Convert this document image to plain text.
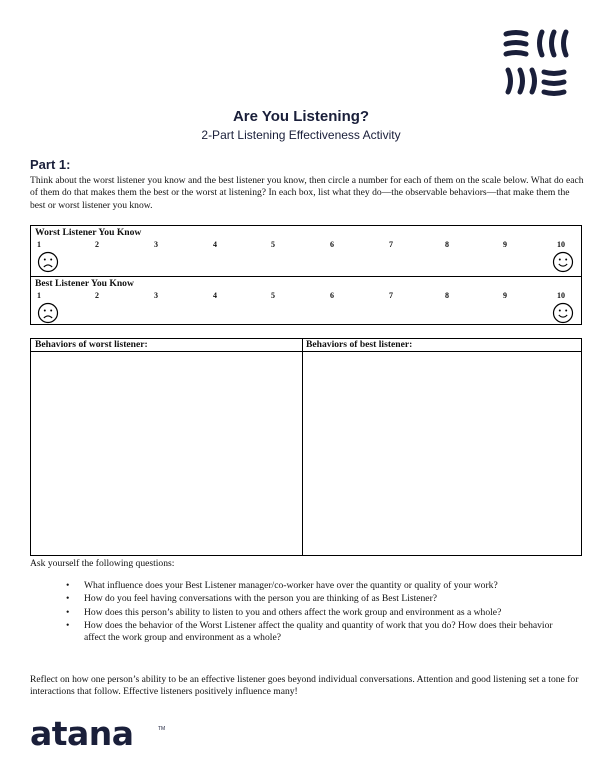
Are You Listening?
2-Part Listening Effectiveness Activity
Part 1:
Think about the worst listener you know and the best listener you know, then circle a number for each of them on the scale below. What do each of them do that makes them the best or the worst at listening? In each box, list what they do—the observable behaviors—that make them the best or worst listener you know.
Worst Listener You Know
1	2	3	4	5	6	7	8	9	10
Best Listener You Know
1	2	3	4	5	6	7	8	9	10
Behaviors of worst listener:	Behaviors of best listener:
Ask yourself the following questions:
• What influence does your Best Listener manager/co-worker have over the quantity or quality of your work?
• How do you feel having conversations with the person you are thinking of as Best Listener?
• How does this person’s ability to listen to you and others affect the work group and environment as a whole?
• How does the behavior of the Worst Listener affect the quality and quantity of work that you do? How does their behavior affect the work group and environment as a whole?
Reflect on how one person’s ability to be an effective listener goes beyond individual conversations. Attention and good listening set a tone for interactions that follow. Effective listeners positively influence many!
atana	TM
